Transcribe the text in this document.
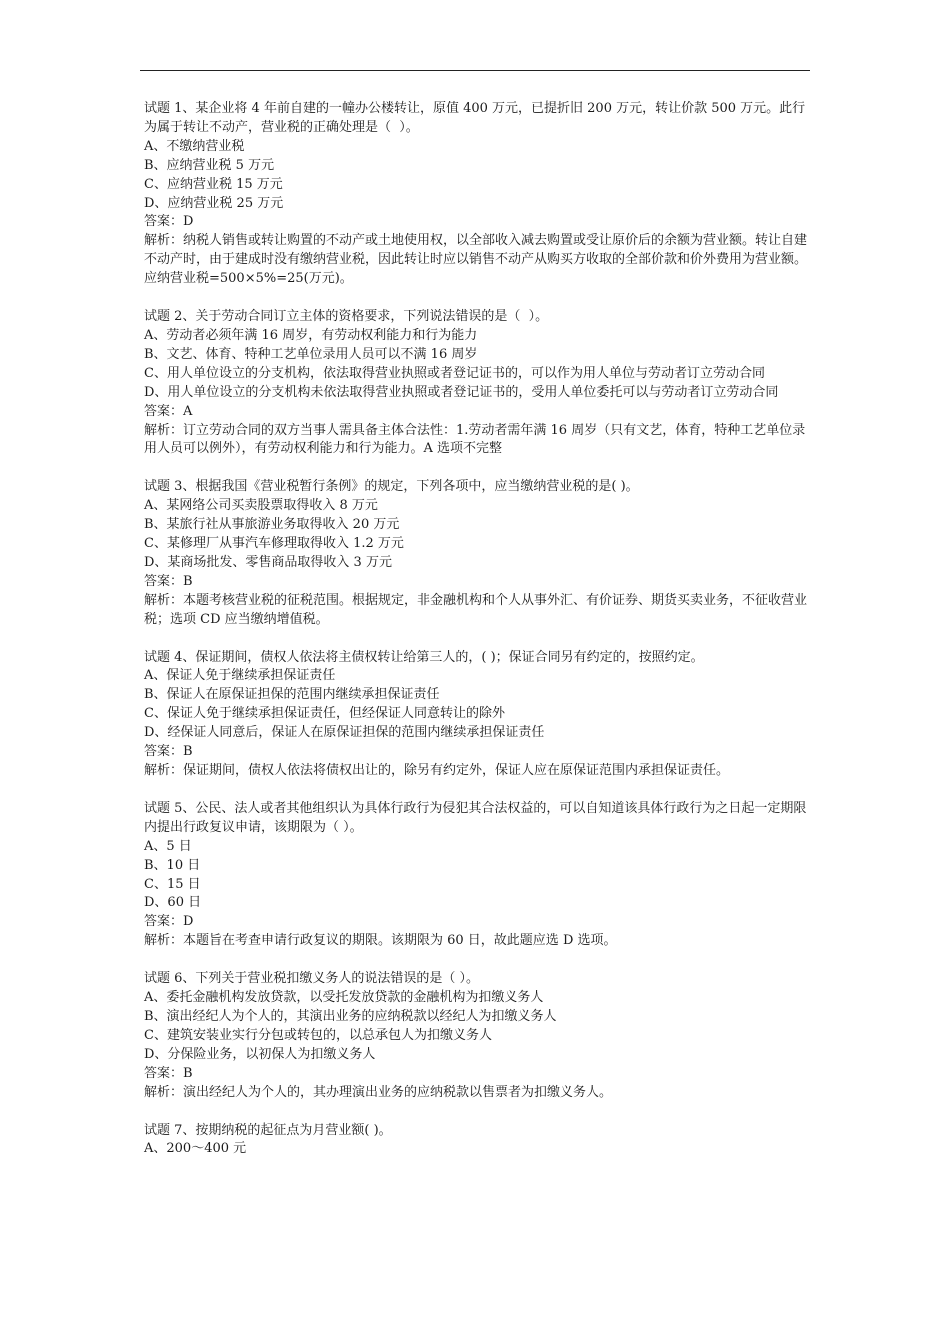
试题 1、某企业将 4 年前自建的一幢办公楼转让，原值 400 万元，已提折旧 200 万元，转让价款 500 万元。此行为属于转让不动产，营业税的正确处理是（  ）。

A、不缴纳营业税

B、应纳营业税 5 万元

C、应纳营业税 15 万元

D、应纳营业税 25 万元

答案：D

解析：纳税人销售或转让购置的不动产或土地使用权，以全部收入减去购置或受让原价后的余额为营业额。转让自建不动产时，由于建成时没有缴纳营业税，因此转让时应以销售不动产从购买方收取的全部价款和价外费用为营业额。应纳营业税=500×5%=25(万元)。

试题 2、关于劳动合同订立主体的资格要求，下列说法错误的是（  ）。

A、劳动者必须年满 16 周岁，有劳动权利能力和行为能力

B、文艺、体育、特种工艺单位录用人员可以不满 16 周岁

C、用人单位设立的分支机构，依法取得营业执照或者登记证书的，可以作为用人单位与劳动者订立劳动合同

D、用人单位设立的分支机构未依法取得营业执照或者登记证书的，受用人单位委托可以与劳动者订立劳动合同

答案：A

解析：订立劳动合同的双方当事人需具备主体合法性：1.劳动者需年满 16 周岁（只有文艺，体育，特种工艺单位录用人员可以例外），有劳动权利能力和行为能力。A 选项不完整

试题 3、根据我国《营业税暂行条例》的规定，下列各项中，应当缴纳营业税的是( )。

A、某网络公司买卖股票取得收入 8 万元

B、某旅行社从事旅游业务取得收入 20 万元

C、某修理厂从事汽车修理取得收入 1.2 万元

D、某商场批发、零售商品取得收入 3 万元

答案：B

解析：本题考核营业税的征税范围。根据规定，非金融机构和个人从事外汇、有价证券、期货买卖业务，不征收营业税；选项 CD 应当缴纳增值税。

试题 4、保证期间，债权人依法将主债权转让给第三人的，( )；保证合同另有约定的，按照约定。

A、保证人免于继续承担保证责任

B、保证人在原保证担保的范围内继续承担保证责任

C、保证人免于继续承担保证责任，但经保证人同意转让的除外

D、经保证人同意后，保证人在原保证担保的范围内继续承担保证责任

答案：B

解析：保证期间，债权人依法将债权出让的，除另有约定外，保证人应在原保证范围内承担保证责任。

试题 5、公民、法人或者其他组织认为具体行政行为侵犯其合法权益的，可以自知道该具体行政行为之日起一定期限内提出行政复议申请，该期限为（ ）。

A、5 日

B、10 日

C、15 日

D、60 日

答案：D

解析：本题旨在考查申请行政复议的期限。该期限为 60 日，故此题应选 D 选项。

试题 6、下列关于营业税扣缴义务人的说法错误的是（ ）。

A、委托金融机构发放贷款，以受托发放贷款的金融机构为扣缴义务人

B、演出经纪人为个人的，其演出业务的应纳税款以经纪人为扣缴义务人

C、建筑安装业实行分包或转包的，以总承包人为扣缴义务人

D、分保险业务，以初保人为扣缴义务人

答案：B

解析：演出经纪人为个人的，其办理演出业务的应纳税款以售票者为扣缴义务人。

试题 7、按期纳税的起征点为月营业额( )。

A、200～400 元
